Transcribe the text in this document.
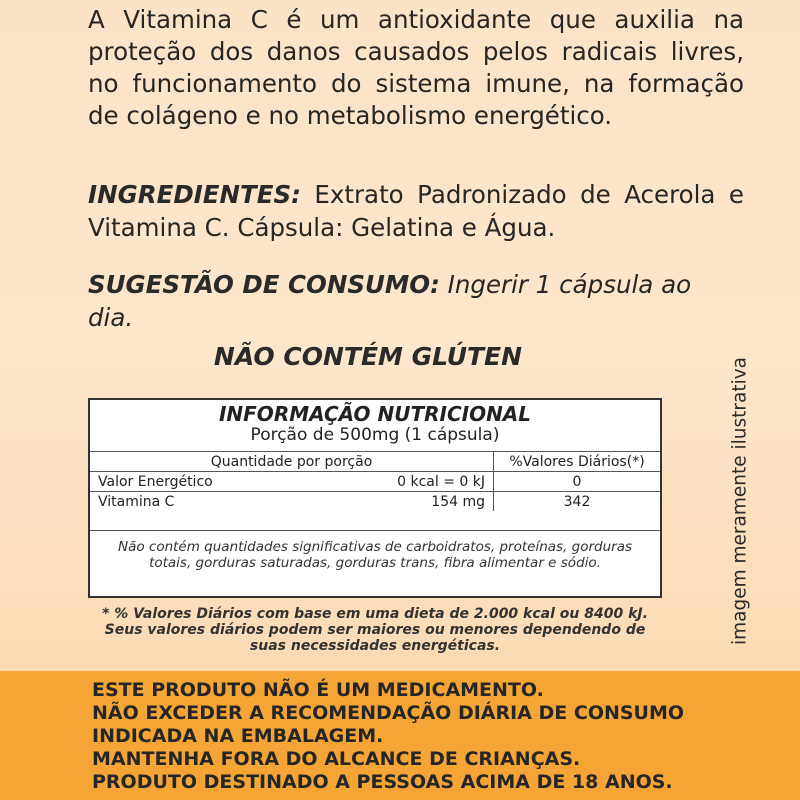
A Vitamina C é um antioxidante que auxilia na proteção dos danos causados pelos radicais livres, no funcionamento do sistema imune, na formação de colágeno e no metabolismo energético.

INGREDIENTES: Extrato Padronizado de Acerola e Vitamina C. Cápsula: Gelatina e Água.

SUGESTÃO DE CONSUMO: Ingerir 1 cápsula ao dia.

NÃO CONTÉM GLÚTEN

INFORMAÇÃO NUTRICIONAL
Porção de 500mg (1 cápsula)
Quantidade por porção		%Valores Diários(*)
Valor Energético	0 kcal = 0 kJ	0
Vitamina C	154 mg	342
Não contém quantidades significativas de carboidratos, proteínas, gorduras totais, gorduras saturadas, gorduras trans, fibra alimentar e sódio.

* % Valores Diários com base em uma dieta de 2.000 kcal ou 8400 kJ. Seus valores diários podem ser maiores ou menores dependendo de suas necessidades energéticas.

imagem meramente ilustrativa
ESTE PRODUTO NÃO É UM MEDICAMENTO.
NÃO EXCEDER A RECOMENDAÇÃO DIÁRIA DE CONSUMO
INDICADA NA EMBALAGEM.
MANTENHA FORA DO ALCANCE DE CRIANÇAS.
PRODUTO DESTINADO A PESSOAS ACIMA DE 18 ANOS.
